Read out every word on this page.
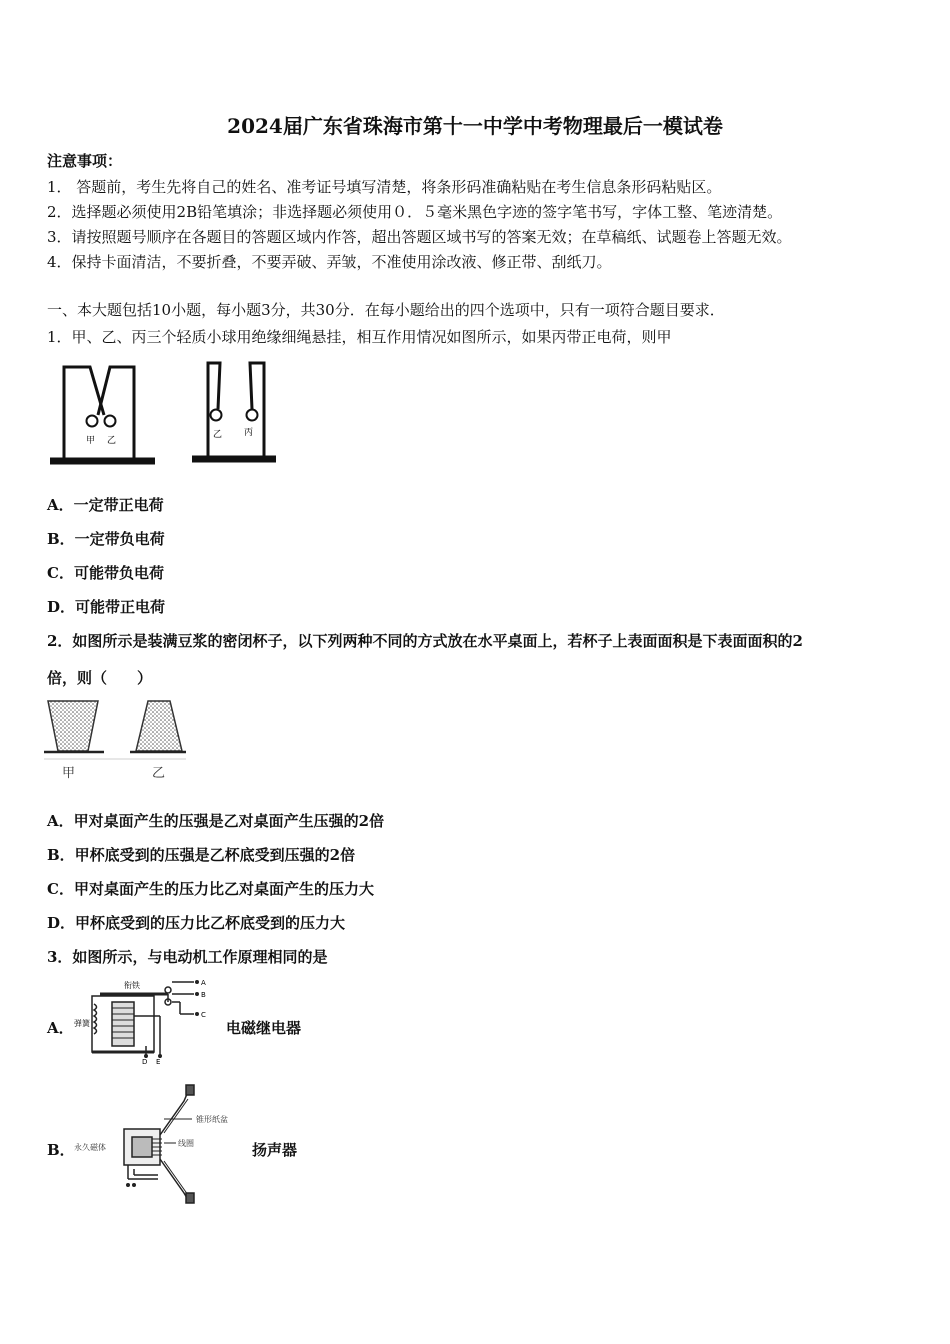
2024届广东省珠海市第十一中学中考物理最后一模试卷
注意事项：
1． 答题前，考生先将自己的姓名、准考证号填写清楚，将条形码准确粘贴在考生信息条形码粘贴区。
2．选择题必须使用2B铅笔填涂；非选择题必须使用０．５毫米黑色字迹的签字笔书写，字体工整、笔迹清楚。
3．请按照题号顺序在各题目的答题区域内作答，超出答题区域书写的答案无效；在草稿纸、试题卷上答题无效。
4．保持卡面清洁，不要折叠，不要弄破、弄皱，不准使用涂改液、修正带、刮纸刀。
一、本大题包括10小题，每小题3分，共30分．在每小题给出的四个选项中，只有一项符合题目要求．
1．甲、乙、丙三个轻质小球用绝缘细绳悬挂，相互作用情况如图所示，如果丙带正电荷，则甲
甲 乙
乙 丙
A．一定带正电荷
B．一定带负电荷
C．可能带负电荷
D．可能带正电荷
2．如图所示是装满豆浆的密闭杯子，以下列两种不同的方式放在水平桌面上，若杯子上表面面积是下表面面积的2
倍，则（　　）
甲	乙
A．甲对桌面产生的压强是乙对桌面产生压强的2倍
B．甲杯底受到的压强是乙杯底受到压强的2倍
C．甲对桌面产生的压力比乙对桌面产生的压力大
D．甲杯底受到的压力比乙杯底受到的压力大
3．如图所示，与电动机工作原理相同的是
A．
衔铁
弹簧
A
B
C
D E
电磁继电器
B．
锥形纸盆
线圈
永久磁体	扬声器
